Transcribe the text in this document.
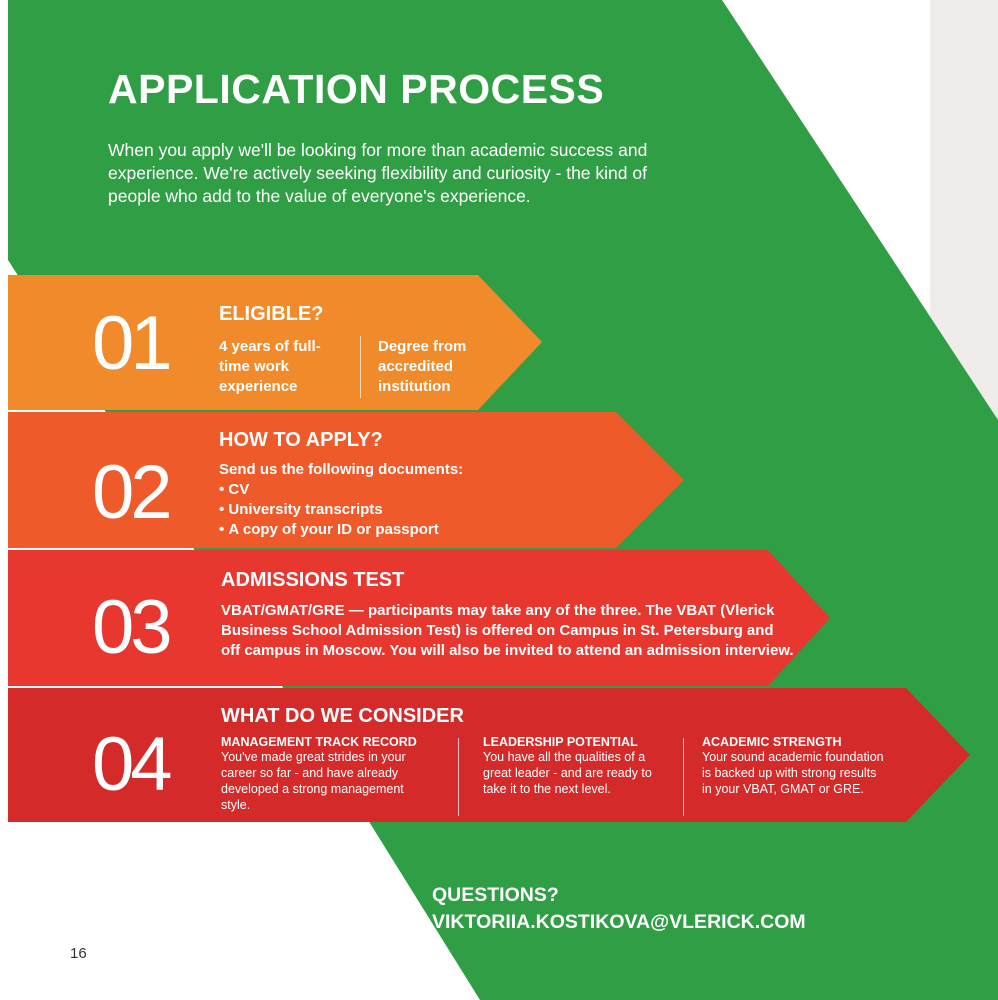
APPLICATION PROCESS
When you apply we'll be looking for more than academic success and experience. We're actively seeking flexibility and curiosity - the kind of people who add to the value of everyone's experience.
01	ELIGIBLE?
4 years of full-time work experience
Degree from accredited institution
02
HOW TO APPLY?
Send us the following documents:
• CV
• University transcripts
• A copy of your ID or passport
03
ADMISSIONS TEST
VBAT/GMAT/GRE — participants may take any of the three. The VBAT (Vlerick Business School Admission Test) is offered on Campus in St. Petersburg and off campus in Moscow. You will also be invited to attend an admission interview.
04
WHAT DO WE CONSIDER
MANAGEMENT TRACK RECORD
You've made great strides in your career so far - and have already developed a strong management style.
LEADERSHIP POTENTIAL
You have all the qualities of a great leader - and are ready to take it to the next level.
ACADEMIC STRENGTH
Your sound academic foundation is backed up with strong results in your VBAT, GMAT or GRE.
QUESTIONS?
VIKTORIIA.KOSTIKOVA@VLERICK.COM
16
